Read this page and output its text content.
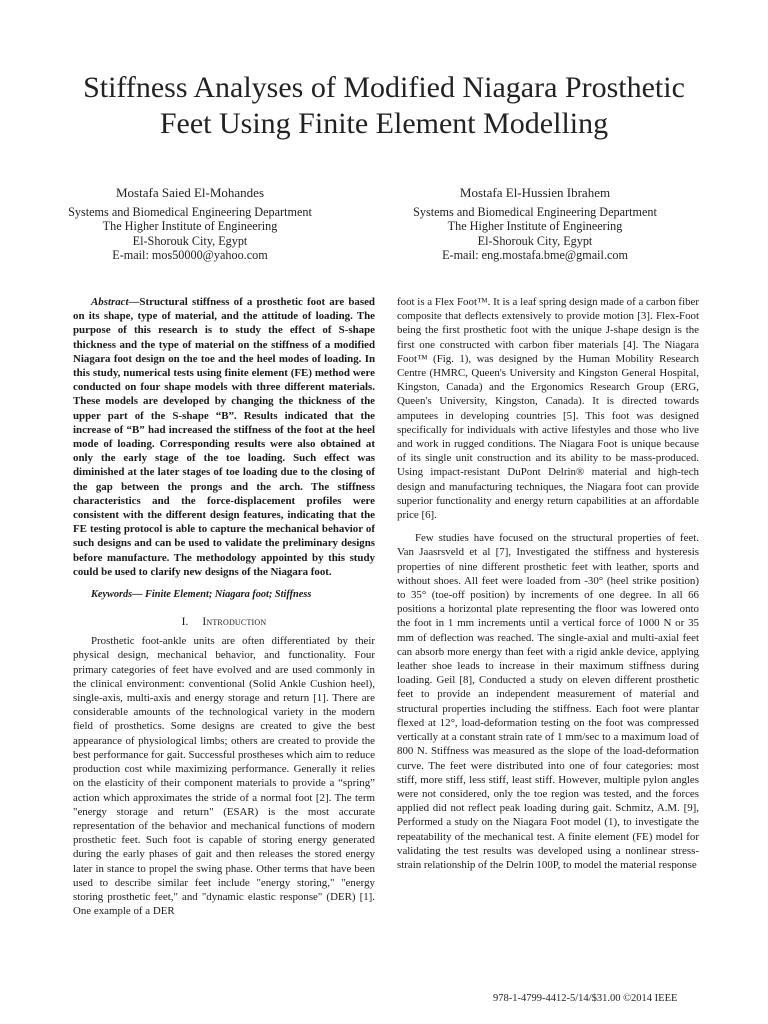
Stiffness Analyses of Modified Niagara Prosthetic
Feet Using Finite Element Modelling
Mostafa Saied El-Mohandes
Systems and Biomedical Engineering Department
The Higher Institute of Engineering
El-Shorouk City, Egypt
E-mail: mos50000@yahoo.com
Mostafa El-Hussien Ibrahem
Systems and Biomedical Engineering Department
The Higher Institute of Engineering
El-Shorouk City, Egypt
E-mail: eng.mostafa.bme@gmail.com

Abstract—Structural stiffness of a prosthetic foot are based on its shape, type of material, and the attitude of loading. The purpose of this research is to study the effect of S-shape thickness and the type of material on the stiffness of a modified Niagara foot design on the toe and the heel modes of loading. In this study, numerical tests using finite element (FE) method were conducted on four shape models with three different materials. These models are developed by changing the thickness of the upper part of the S-shape “B”. Results indicated that the increase of “B” had increased the stiffness of the foot at the heel mode of loading. Corresponding results were also obtained at only the early stage of the toe loading. Such effect was diminished at the later stages of toe loading due to the closing of the gap between the prongs and the arch. The stiffness characteristics and the force-displacement profiles were consistent with the different design features, indicating that the FE testing protocol is able to capture the mechanical behavior of such designs and can be used to validate the preliminary designs before manufacture. The methodology appointed by this study could be used to clarify new designs of the Niagara foot.

Keywords— Finite Element; Niagara foot; Stiffness

I. Introduction

Prosthetic foot-ankle units are often differentiated by their physical design, mechanical behavior, and functionality. Four primary categories of feet have evolved and are used commonly in the clinical environment: conventional (Solid Ankle Cushion heel), single-axis, multi-axis and energy storage and return [1]. There are considerable amounts of the technological variety in the modern field of prosthetics. Some designs are created to give the best appearance of physiological limbs; others are created to provide the best performance for gait. Successful prostheses which aim to reduce production cost while maximizing performance. Generally it relies on the elasticity of their component materials to provide a “spring” action which approximates the stride of a normal foot [2]. The term "energy storage and return" (ESAR) is the most accurate representation of the behavior and mechanical functions of modern prosthetic feet. Such foot is capable of storing energy generated during the early phases of gait and then releases the stored energy later in stance to propel the swing phase. Other terms that have been used to describe similar feet include "energy storing," "energy storing prosthetic feet," and "dynamic elastic response" (DER) [1]. One example of a DER

foot is a Flex Foot™. It is a leaf spring design made of a carbon fiber composite that deflects extensively to provide motion [3]. Flex-Foot being the first prosthetic foot with the unique J-shape design is the first one constructed with carbon fiber materials [4]. The Niagara Foot™ (Fig. 1), was designed by the Human Mobility Research Centre (HMRC, Queen's University and Kingston General Hospital, Kingston, Canada) and the Ergonomics Research Group (ERG, Queen's University, Kingston, Canada). It is directed towards amputees in developing countries [5]. This foot was designed specifically for individuals with active lifestyles and those who live and work in rugged conditions. The Niagara Foot is unique because of its single unit construction and its ability to be mass-produced. Using impact-resistant DuPont Delrin® material and high-tech design and manufacturing techniques, the Niagara foot can provide superior functionality and energy return capabilities at an affordable price [6].

Few studies have focused on the structural properties of feet. Van Jaasrsveld et al [7], Investigated the stiffness and hysteresis properties of nine different prosthetic feet with leather, sports and without shoes. All feet were loaded from -30° (heel strike position) to 35° (toe-off position) by increments of one degree. In all 66 positions a horizontal plate representing the floor was lowered onto the foot in 1 mm increments until a vertical force of 1000 N or 35 mm of deflection was reached. The single-axial and multi-axial feet can absorb more energy than feet with a rigid ankle device, applying leather shoe leads to increase in their maximum stiffness during loading. Geil [8], Conducted a study on eleven different prosthetic feet to provide an independent measurement of material and structural properties including the stiffness. Each foot were plantar flexed at 12°, load-deformation testing on the foot was compressed vertically at a constant strain rate of 1 mm/sec to a maximum load of 800 N. Stiffness was measured as the slope of the load-deformation curve. The feet were distributed into one of four categories: most stiff, more stiff, less stiff, least stiff. However, multiple pylon angles were not considered, only the toe region was tested, and the forces applied did not reflect peak loading during gait. Schmitz, A.M. [9], Performed a study on the Niagara Foot model (1), to investigate the repeatability of the mechanical test. A finite element (FE) model for validating the test results was developed using a nonlinear stress-strain relationship of the Delrin 100P, to model the material response

978-1-4799-4412-5/14/$31.00 ©2014 IEEE
